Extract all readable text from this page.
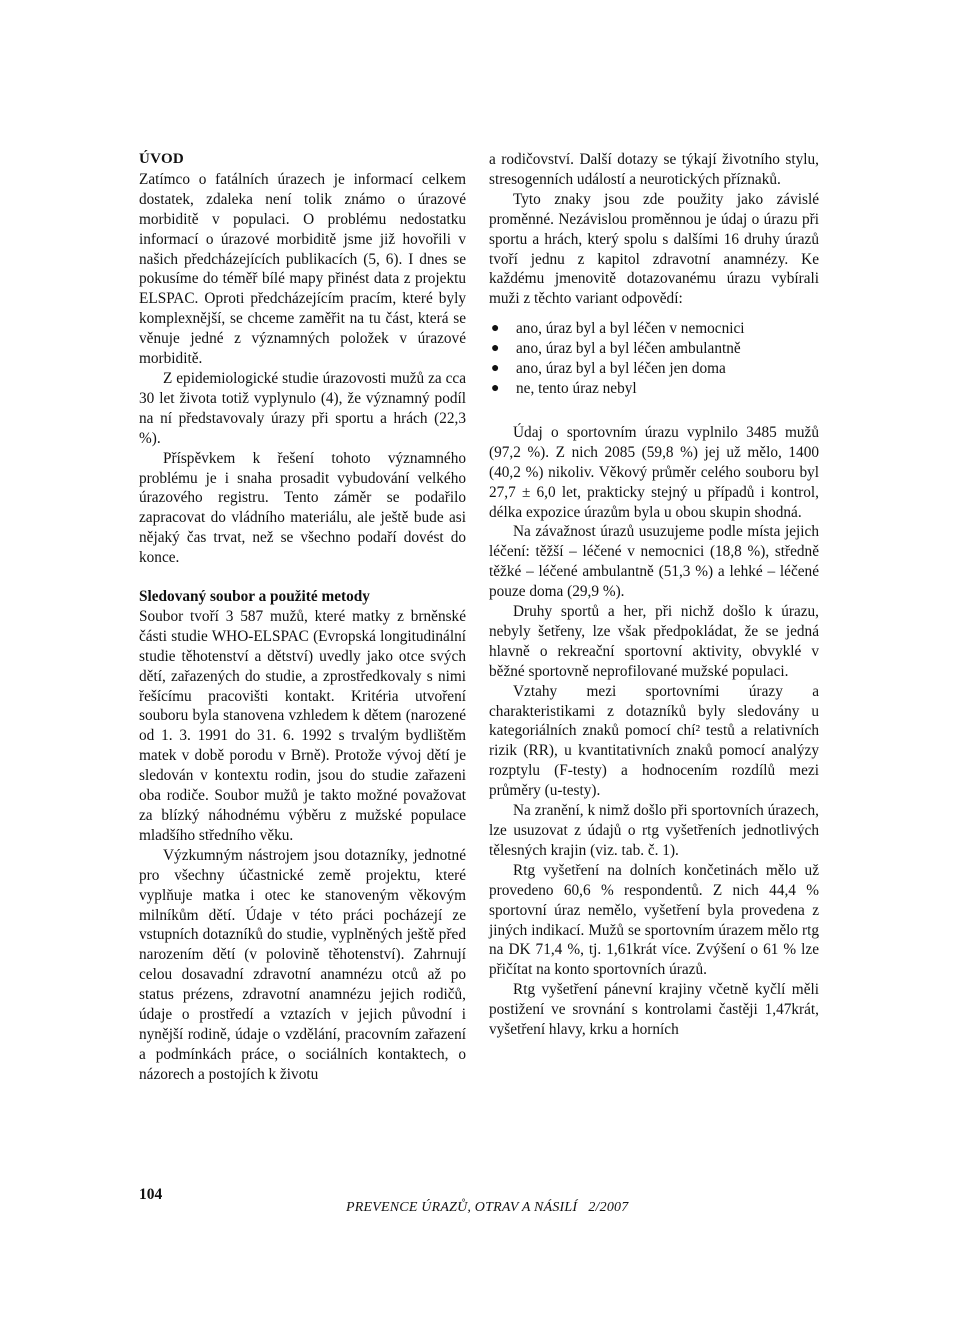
ÚVOD

Zatímco o fatálních úrazech je informací celkem dostatek, zdaleka není tolik známo o úrazové morbiditě v populaci. O problému nedostatku informací o úrazové morbiditě jsme již hovořili v našich předcházejících publikacích (5, 6). I dnes se pokusíme do téměř bílé mapy přinést data z projektu ELSPAC. Oproti předcházejícím pracím, které byly komplexnější, se chceme zaměřit na tu část, která se věnuje jedné z významných položek v úrazové morbiditě.

Z epidemiologické studie úrazovosti mužů za cca 30 let života totiž vyplynulo (4), že významný podíl na ní představovaly úrazy při sportu a hrách (22,3 %).

Příspěvkem k řešení tohoto významného problému je i snaha prosadit vybudování velkého úrazového registru. Tento záměr se podařilo zapracovat do vládního materiálu, ale ještě bude asi nějaký čas trvat, než se všechno podaří dovést do konce.

Sledovaný soubor a použité metody

Soubor tvoří 3 587 mužů, které matky z brněnské části studie WHO-ELSPAC (Evropská longitudinální studie těhotenství a dětství) uvedly jako otce svých dětí, zařazených do studie, a zprostředkovaly s nimi řešícímu pracovišti kontakt. Kritéria utvoření souboru byla stanovena vzhledem k dětem (narozené od 1. 3. 1991 do 31. 6. 1992 s trvalým bydlištěm matek v době porodu v Brně). Protože vývoj dětí je sledován v kontextu rodin, jsou do studie zařazeni oba rodiče. Soubor mužů je takto možné považovat za blízký náhodnému výběru z mužské populace mladšího středního věku.

Výzkumným nástrojem jsou dotazníky, jednotné pro všechny účastnické země projektu, které vyplňuje matka i otec ke stanoveným věkovým milníkům dětí. Údaje v této práci pocházejí ze vstupních dotazníků do studie, vyplněných ještě před narozením dětí (v polovině těhotenství). Zahrnují celou dosavadní zdravotní anamnézu otců až po status prézens, zdravotní anamnézu jejich rodičů, údaje o prostředí a vztazích v jejich původní i nynější rodině, údaje o vzdělání, pracovním zařazení a podmínkách práce, o sociálních kontaktech, o názorech a postojích k životu

a rodičovství. Další dotazy se týkají životního stylu, stresogenních událostí a neurotických příznaků.

Tyto znaky jsou zde použity jako závislé proměnné. Nezávislou proměnnou je údaj o úrazu při sportu a hrách, který spolu s dalšími 16 druhy úrazů tvoří jednu z kapitol zdravotní anamnézy. Ke každému jmenovitě dotazovanému úrazu vybírali muži z těchto variant odpovědí:

● ano, úraz byl a byl léčen v nemocnici
● ano, úraz byl a byl léčen ambulantně
● ano, úraz byl a byl léčen jen doma
● ne, tento úraz nebyl

Údaj o sportovním úrazu vyplnilo 3485 mužů (97,2 %). Z nich 2085 (59,8 %) jej už mělo, 1400 (40,2 %) nikoliv. Věkový průměr celého souboru byl 27,7 ± 6,0 let, prakticky stejný u případů i kontrol, délka expozice úrazům byla u obou skupin shodná.

Na závažnost úrazů usuzujeme podle místa jejich léčení: těžší – léčené v nemocnici (18,8 %), středně těžké – léčené ambulantně (51,3 %) a lehké – léčené pouze doma (29,9 %).

Druhy sportů a her, při nichž došlo k úrazu, nebyly šetřeny, lze však předpokládat, že se jedná hlavně o rekreační sportovní aktivity, obvyklé v běžné sportovně neprofilované mužské populaci.

Vztahy mezi sportovními úrazy a charakteristikami z dotazníků byly sledovány u kategoriálních znaků pomocí chí² testů a relativních rizik (RR), u kvantitativních znaků pomocí analýzy rozptylu (F-testy) a hodnocením rozdílů mezi průměry (u-testy).

Na zranění, k nimž došlo při sportovních úrazech, lze usuzovat z údajů o rtg vyšetřeních jednotlivých tělesných krajin (viz. tab. č. 1).

Rtg vyšetření na dolních končetinách mělo už provedeno 60,6 % respondentů. Z nich 44,4 % sportovní úraz nemělo, vyšetření byla provedena z jiných indikací. Mužů se sportovním úrazem mělo rtg na DK 71,4 %, tj. 1,61krát více. Zvýšení o 61 % lze přičítat na konto sportovních úrazů.

Rtg vyšetření pánevní krajiny včetně kyčlí měli postižení ve srovnání s kontrolami častěji 1,47krát, vyšetření hlavy, krku a horních

104
PREVENCE ÚRAZŮ, OTRAV A NÁSILÍ   2/2007
